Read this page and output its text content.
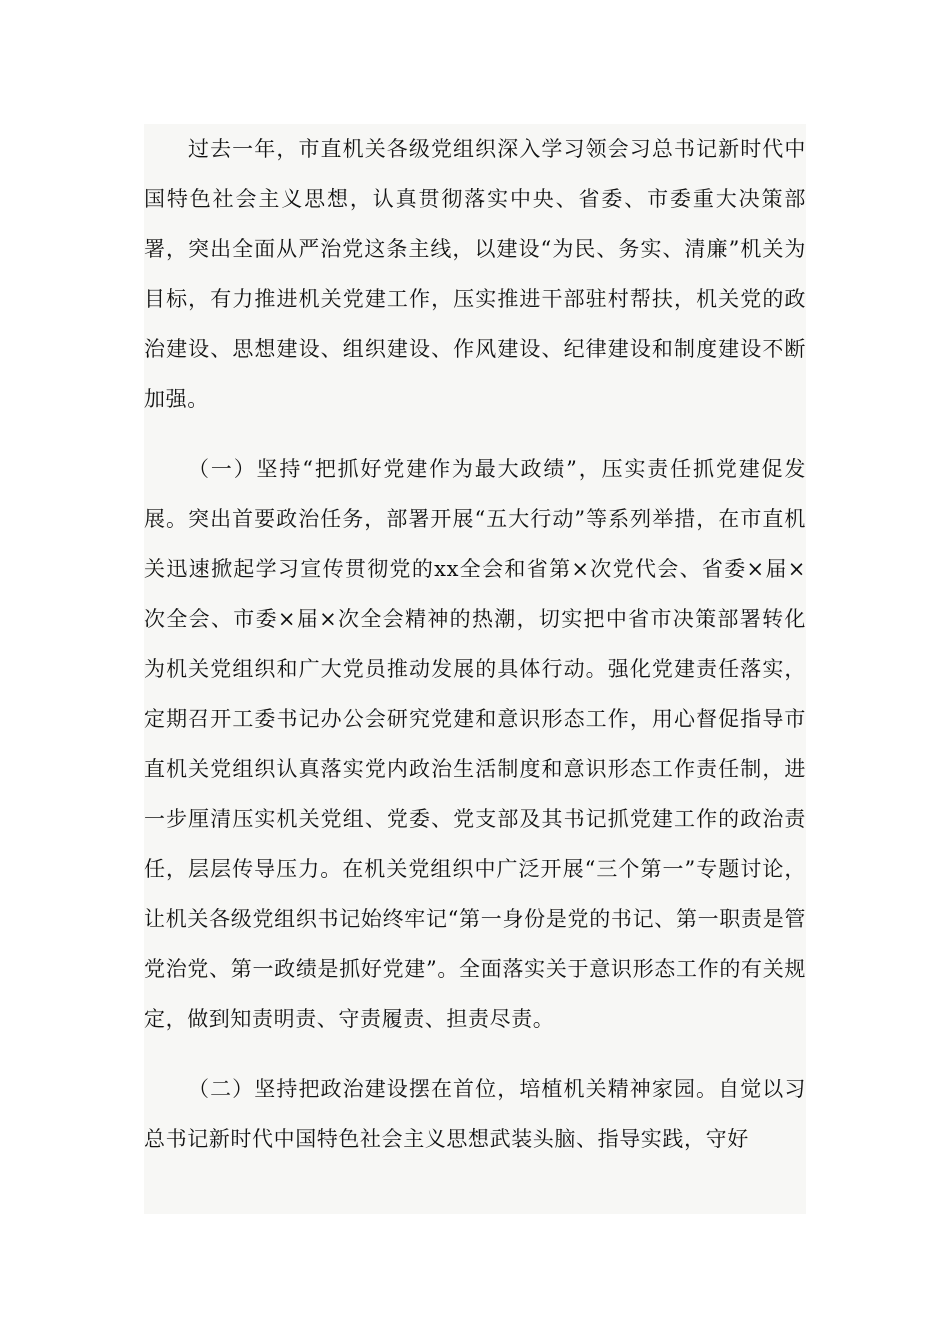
过去一年，市直机关各级党组织深入学习领会习总书记新时代中国特色社会主义思想，认真贯彻落实中央、省委、市委重大决策部署，突出全面从严治党这条主线，以建设“为民、务实、清廉”机关为目标，有力推进机关党建工作，压实推进干部驻村帮扶，机关党的政治建设、思想建设、组织建设、作风建设、纪律建设和制度建设不断加强。

（一）坚持“把抓好党建作为最大政绩”，压实责任抓党建促发展。突出首要政治任务，部署开展“五大行动”等系列举措，在市直机关迅速掀起学习宣传贯彻党的xx全会和省第×次党代会、省委×届×次全会、市委×届×次全会精神的热潮，切实把中省市决策部署转化为机关党组织和广大党员推动发展的具体行动。强化党建责任落实，定期召开工委书记办公会研究党建和意识形态工作，用心督促指导市直机关党组织认真落实党内政治生活制度和意识形态工作责任制，进一步厘清压实机关党组、党委、党支部及其书记抓党建工作的政治责任，层层传导压力。在机关党组织中广泛开展“三个第一”专题讨论，让机关各级党组织书记始终牢记“第一身份是党的书记、第一职责是管党治党、第一政绩是抓好党建”。全面落实关于意识形态工作的有关规定，做到知责明责、守责履责、担责尽责。

（二）坚持把政治建设摆在首位，培植机关精神家园。自觉以习总书记新时代中国特色社会主义思想武装头脑、指导实践，守好
